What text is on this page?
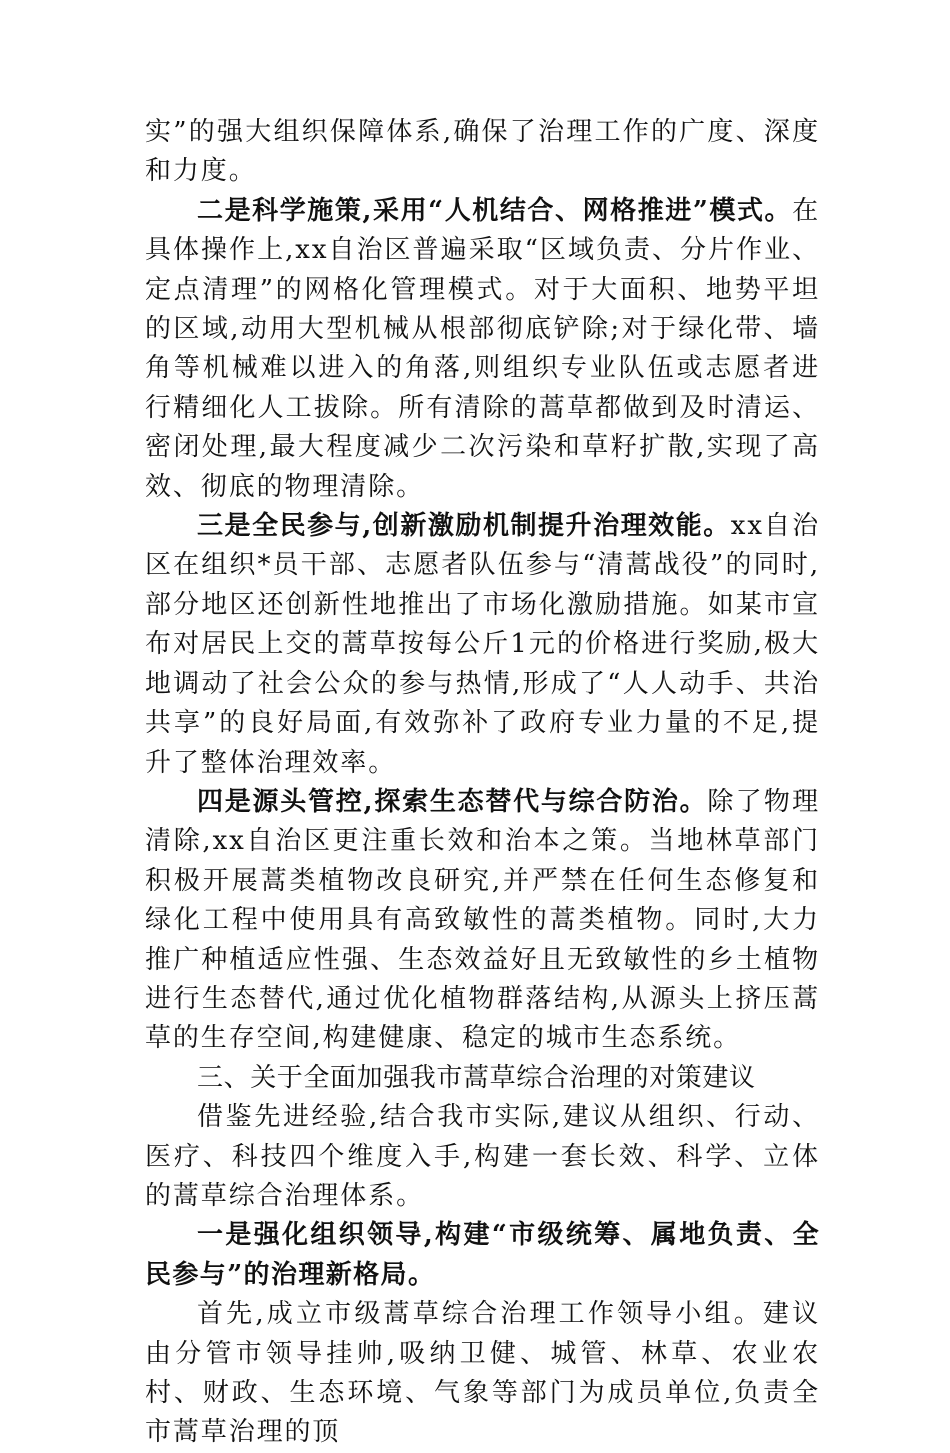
实”的强大组织保障体系,确保了治理工作的广度、深度和力度。

二是科学施策,采用“人机结合、网格推进”模式。在具体操作上,xx自治区普遍采取“区域负责、分片作业、定点清理”的网格化管理模式。对于大面积、地势平坦的区域,动用大型机械从根部彻底铲除;对于绿化带、墙角等机械难以进入的角落,则组织专业队伍或志愿者进行精细化人工拔除。所有清除的蒿草都做到及时清运、密闭处理,最大程度减少二次污染和草籽扩散,实现了高效、彻底的物理清除。

三是全民参与,创新激励机制提升治理效能。xx自治区在组织*员干部、志愿者队伍参与“清蒿战役”的同时,部分地区还创新性地推出了市场化激励措施。如某市宣布对居民上交的蒿草按每公斤1元的价格进行奖励,极大地调动了社会公众的参与热情,形成了“人人动手、共治共享”的良好局面,有效弥补了政府专业力量的不足,提升了整体治理效率。

四是源头管控,探索生态替代与综合防治。除了物理清除,xx自治区更注重长效和治本之策。当地林草部门积极开展蒿类植物改良研究,并严禁在任何生态修复和绿化工程中使用具有高致敏性的蒿类植物。同时,大力推广种植适应性强、生态效益好且无致敏性的乡土植物进行生态替代,通过优化植物群落结构,从源头上挤压蒿草的生存空间,构建健康、稳定的城市生态系统。

三、关于全面加强我市蒿草综合治理的对策建议

借鉴先进经验,结合我市实际,建议从组织、行动、医疗、科技四个维度入手,构建一套长效、科学、立体的蒿草综合治理体系。

一是强化组织领导,构建“市级统筹、属地负责、全民参与”的治理新格局。

首先,成立市级蒿草综合治理工作领导小组。建议由分管市领导挂帅,吸纳卫健、城管、林草、农业农村、财政、生态环境、气象等部门为成员单位,负责全市蒿草治理的顶
